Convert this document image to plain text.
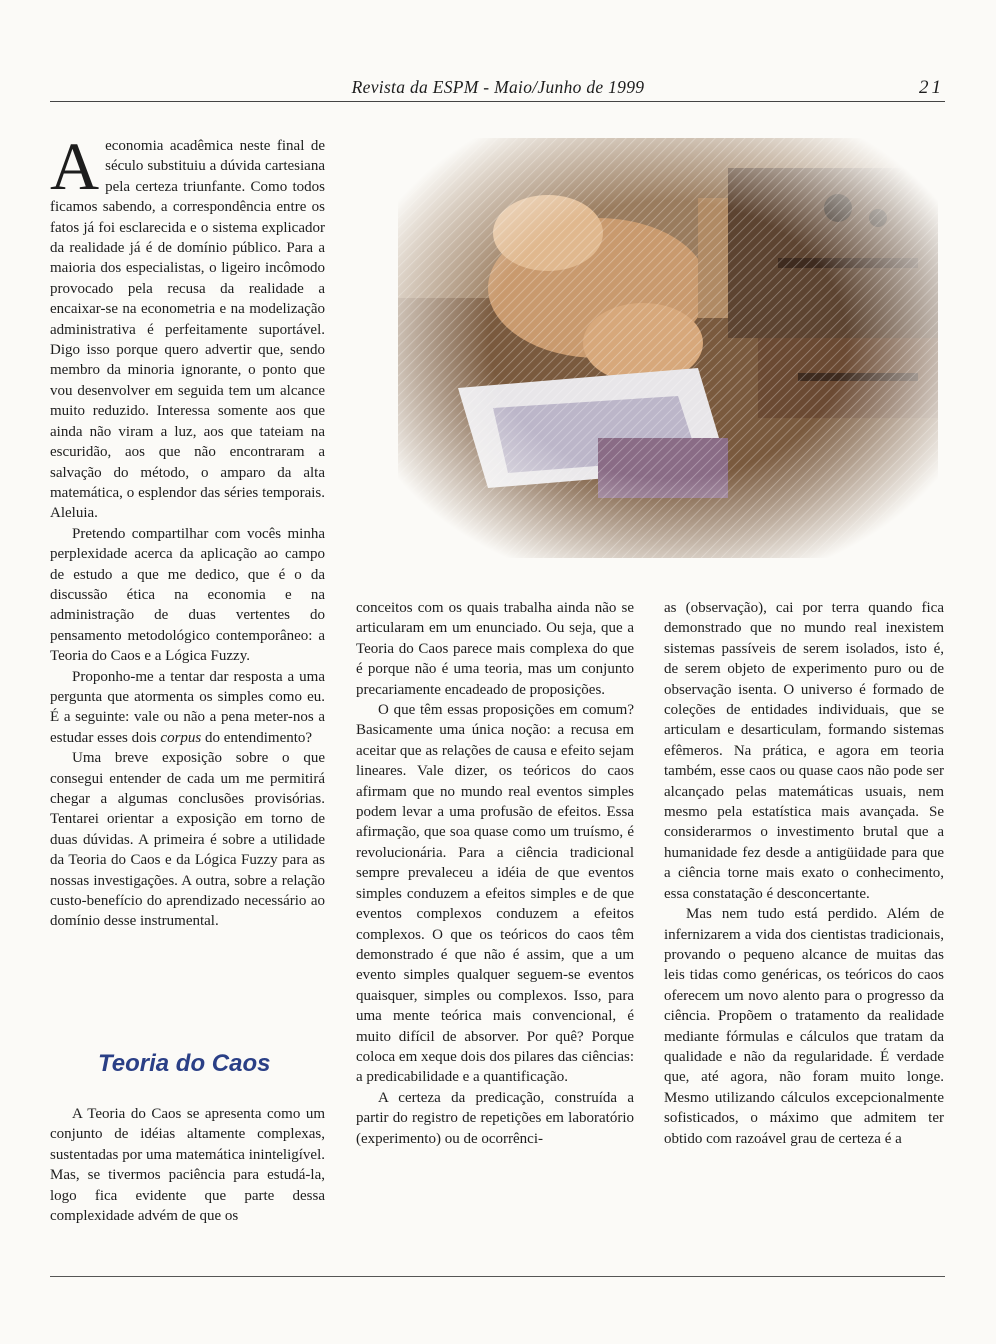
Revista da ESPM - Maio/Junho de 1999	21

Aeconomia acadêmica neste final de século substituiu a dúvida cartesiana pela certeza triunfante. Como todos ficamos sabendo, a correspondência entre os fatos já foi esclarecida e o sistema explicador da realidade já é de domínio público. Para a maioria dos especialistas, o ligeiro incômodo provocado pela recusa da realidade a encaixar-se na econometria e na modelização administrativa é perfeitamente suportável. Digo isso porque quero advertir que, sendo membro da minoria ignorante, o ponto que vou desenvolver em seguida tem um alcance muito reduzido. Interessa somente aos que ainda não viram a luz, aos que tateiam na escuridão, aos que não encontraram a salvação do método, o amparo da alta matemática, o esplendor das séries temporais. Aleluia.

Pretendo compartilhar com vocês minha perplexidade acerca da aplicação ao campo de estudo a que me dedico, que é o da discussão ética na economia e na administração de duas vertentes do pensamento metodológico contemporâneo: a Teoria do Caos e a Lógica Fuzzy.

Proponho-me a tentar dar resposta a uma pergunta que atormenta os simples como eu. É a seguinte: vale ou não a pena meter-nos a estudar esses dois corpus do entendimento?

Uma breve exposição sobre o que consegui entender de cada um me permitirá chegar a algumas conclusões provisórias. Tentarei orientar a exposição em torno de duas dúvidas. A primeira é sobre a utilidade da Teoria do Caos e da Lógica Fuzzy para as nossas investigações. A outra, sobre a relação custo-benefício do aprendizado necessário ao domínio desse instrumental.

Teoria do Caos

A Teoria do Caos se apresenta como um conjunto de idéias altamente complexas, sustentadas por uma matemática ininteligível. Mas, se tivermos paciência para estudá-la, logo fica evidente que parte dessa complexidade advém de que os

conceitos com os quais trabalha ainda não se articularam em um enunciado. Ou seja, que a Teoria do Caos parece mais complexa do que é porque não é uma teoria, mas um conjunto precariamente encadeado de proposições.

O que têm essas proposições em comum? Basicamente uma única noção: a recusa em aceitar que as relações de causa e efeito sejam lineares. Vale dizer, os teóricos do caos afirmam que no mundo real eventos simples podem levar a uma profusão de efeitos. Essa afirmação, que soa quase como um truísmo, é revolucionária. Para a ciência tradicional sempre prevaleceu a idéia de que eventos simples conduzem a efeitos simples e de que eventos complexos conduzem a efeitos complexos. O que os teóricos do caos têm demonstrado é que não é assim, que a um evento simples qualquer seguem-se eventos quaisquer, simples ou complexos. Isso, para uma mente teórica mais convencional, é muito difícil de absorver. Por quê? Porque coloca em xeque dois dos pilares das ciências: a predicabilidade e a quantificação.

A certeza da predicação, construída a partir do registro de repetições em laboratório (experimento) ou de ocorrênci-

as (observação), cai por terra quando fica demonstrado que no mundo real inexistem sistemas passíveis de serem isolados, isto é, de serem objeto de experimento puro ou de observação isenta. O universo é formado de coleções de entidades individuais, que se articulam e desarticulam, formando sistemas efêmeros. Na prática, e agora em teoria também, esse caos ou quase caos não pode ser alcançado pelas matemáticas usuais, nem mesmo pela estatística mais avançada. Se considerarmos o investimento brutal que a humanidade fez desde a antigüidade para que a ciência torne mais exato o conhecimento, essa constatação é desconcertante.

Mas nem tudo está perdido. Além de infernizarem a vida dos cientistas tradicionais, provando o pequeno alcance de muitas das leis tidas como genéricas, os teóricos do caos oferecem um novo alento para o progresso da ciência. Propõem o tratamento da realidade mediante fórmulas e cálculos que tratam da qualidade e não da regularidade. É verdade que, até agora, não foram muito longe. Mesmo utilizando cálculos excepcionalmente sofisticados, o máximo que admitem ter obtido com razoável grau de certeza é a
